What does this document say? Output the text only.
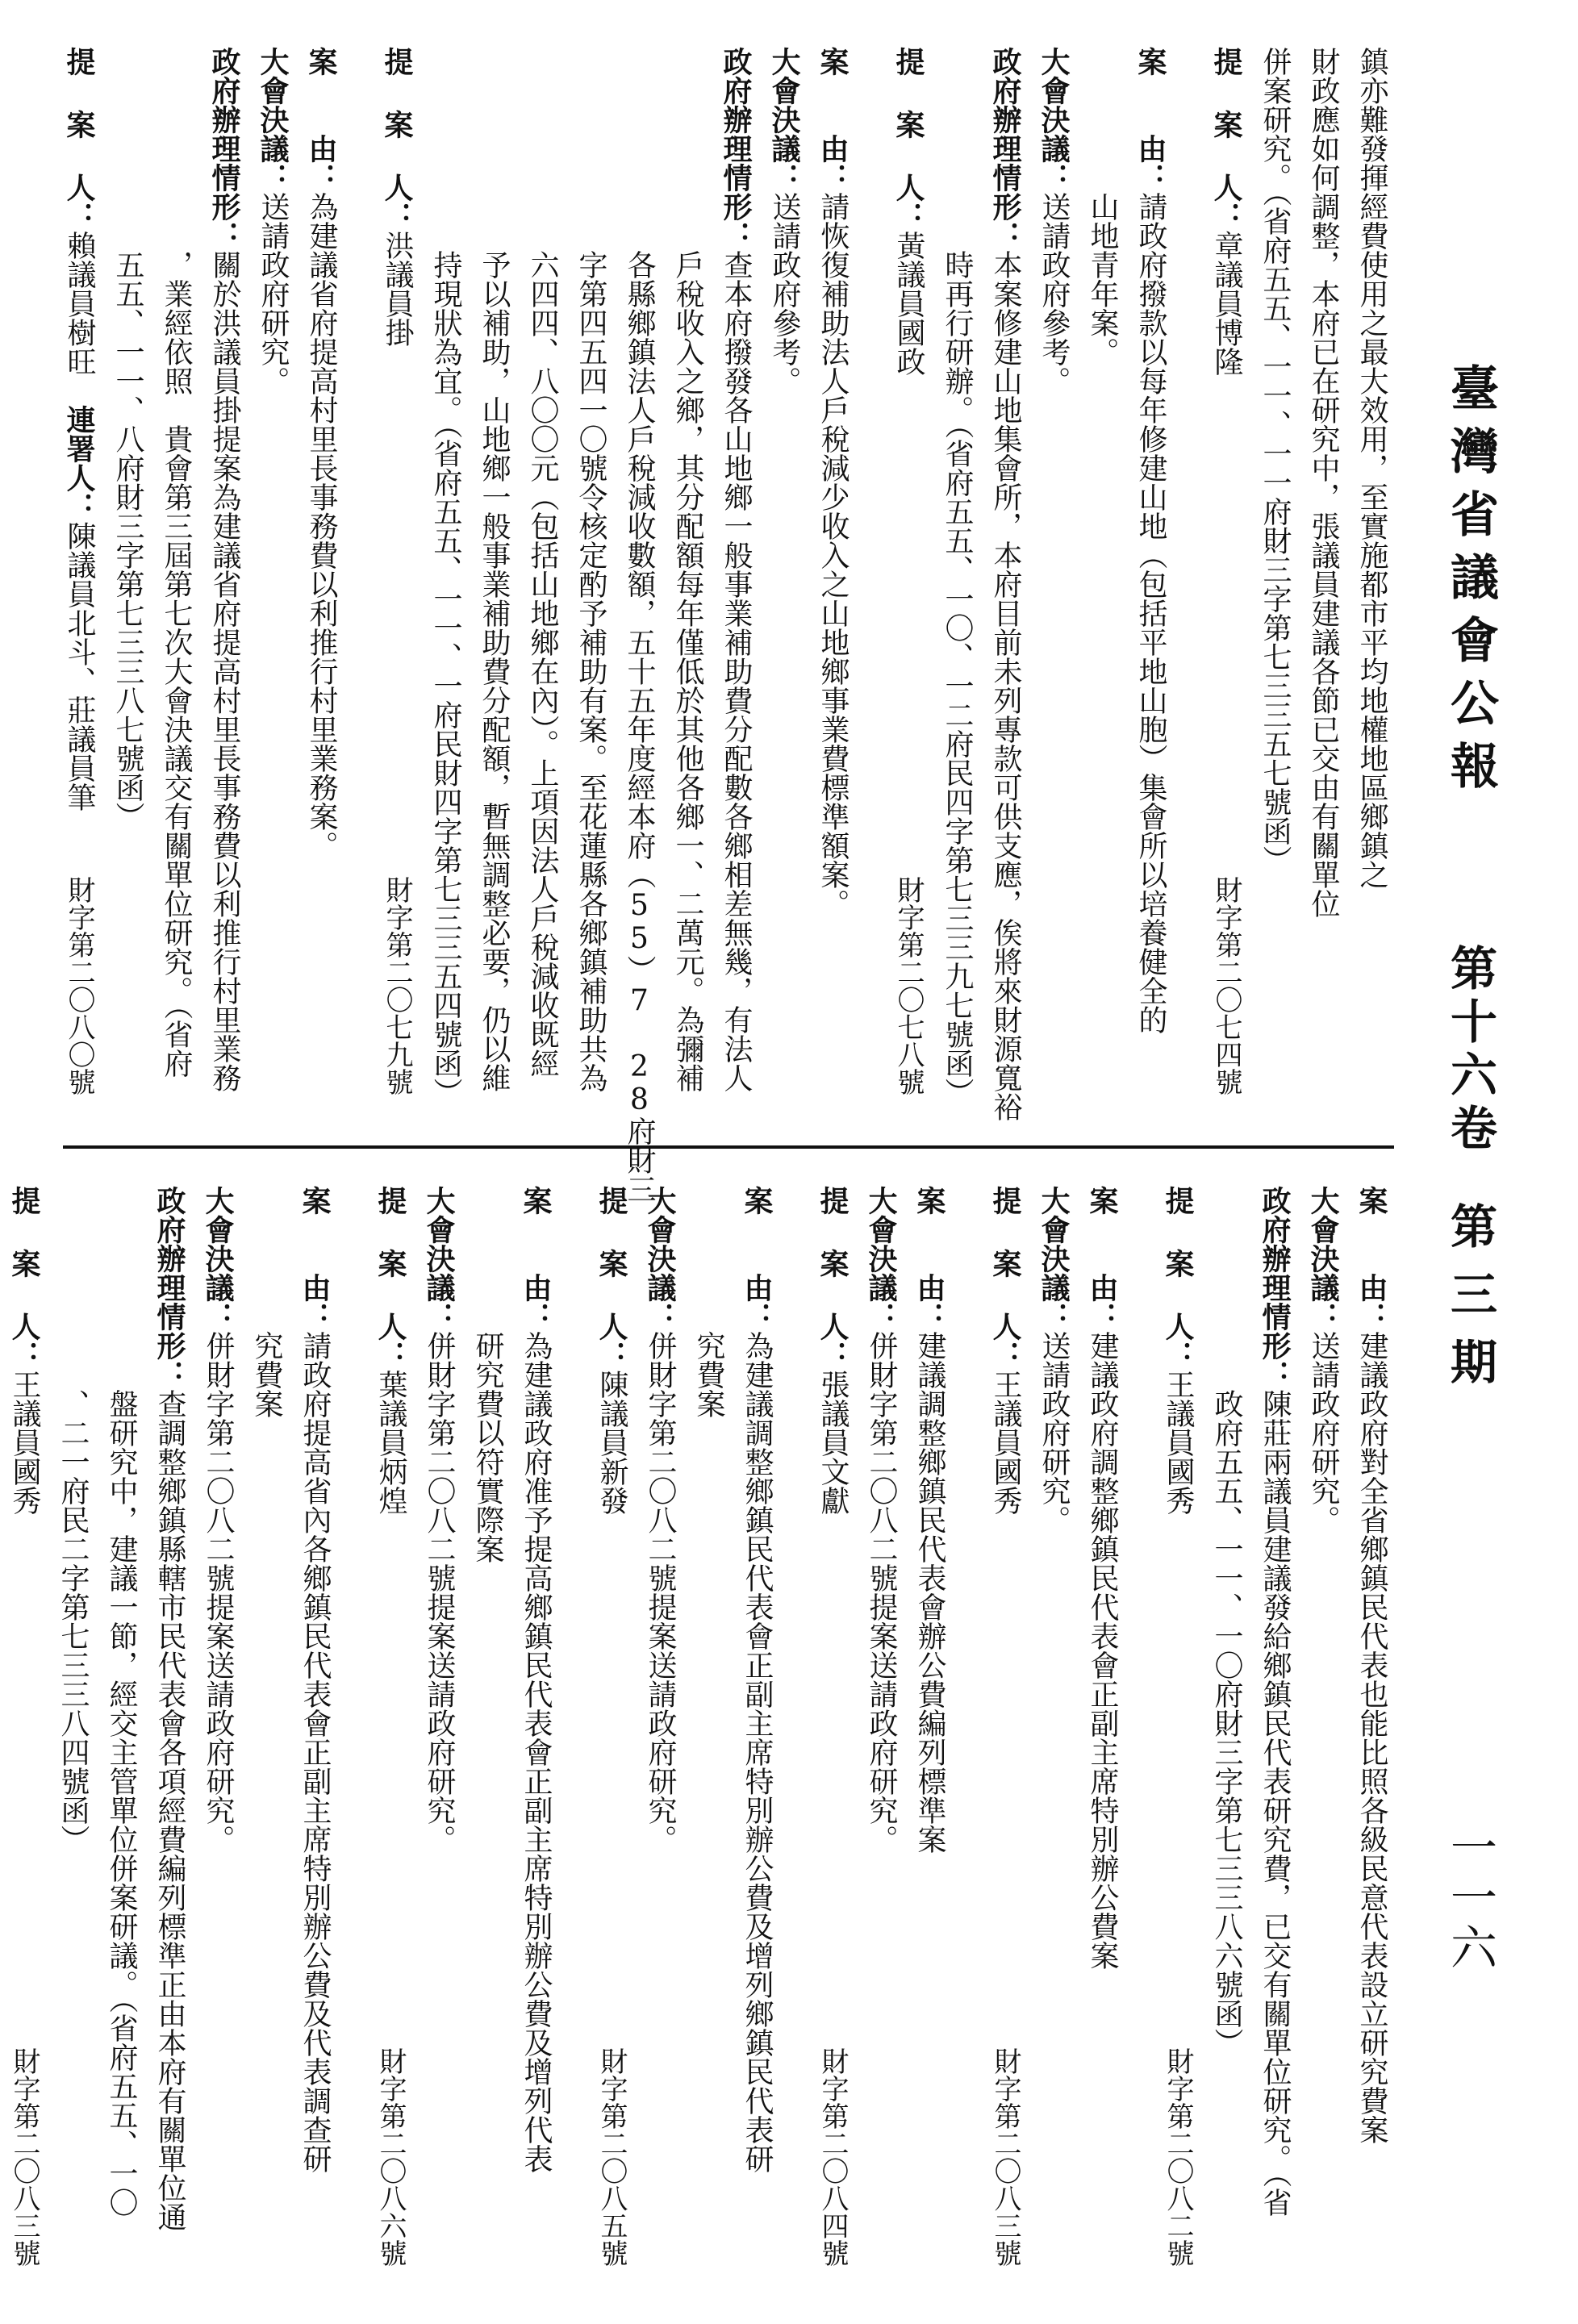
臺灣省議會公報
第十六卷
第三期
一一六
鎮亦難發揮經費使用之最大效用，至實施都市平均地權地區鄉鎮之
財政應如何調整，本府已在研究中，張議員建議各節已交由有關單位
併案研究。（省府五五、一一、一一府財三字第七三三五七號函）
提 案 人：章議員博隆
財字第二〇七四號
案　　由：請政府撥款以每年修建山地（包括平地山胞）集會所以培養健全的
　　　　　山地青年案。
大會決議：送請政府參考。
政府辦理情形：本案修建山地集會所，本府目前未列專款可供支應，俟將來財源寬裕
　　　　　　　時再行研辦。（省府五五、一〇、一二府民四字第七三三九七號函）
提 案 人：黃議員國政
財字第二〇七八號
案　　由：請恢復補助法人戶稅減少收入之山地鄉事業費標準額案。
大會決議：送請政府參考。
政府辦理情形：查本府撥發各山地鄉一般事業補助費分配數各鄉相差無幾，有法人
　　　　　　　戶稅收入之鄉，其分配額每年僅低於其他各鄉一、二萬元。為彌補
　　　　　　　各縣鄉鎮法人戶稅減收數額，五十五年度經本府（55）7 28府財三
　　　　　　　字第四五四一〇號令核定酌予補助有案。至花蓮縣各鄉鎮補助共為
　　　　　　　六四四、八〇〇元（包括山地鄉在內）。上項因法人戶稅減收既經
　　　　　　　予以補助，山地鄉一般事業補助費分配額，暫無調整必要，仍以維
　　　　　　　持現狀為宜。（省府五五、一一、一府民財四字第七三三五四號函）
提 案 人：洪議員掛
財字第二〇七九號
案　　由：為建議省府提高村里長事務費以利推行村里業務案。
大會決議：送請政府研究。
政府辦理情形：關於洪議員掛提案為建議省府提高村里長事務費以利推行村里業務
　　　　　　　，業經依照　貴會第三屆第七次大會決議交有關單位研究。（省府
　　　　　　　五五、一一、八府財三字第七三三八七號函）
提 案 人：賴議員樹旺　連署人：陳議員北斗、莊議員筆
財字第二〇八〇號
案　　由：建議政府對全省鄉鎮民代表也能比照各級民意代表設立研究費案
大會決議：送請政府研究。
政府辦理情形：陳莊兩議員建議發給鄉鎮民代表研究費，已交有關單位研究。（省
　　　　　　　政府五五、一一、一〇府財三字第七三三八六號函）
提 案 人：王議員國秀
財字第二〇八二號
案　　由：建議政府調整鄉鎮民代表會正副主席特別辦公費案
大會決議：送請政府研究。
提 案 人：王議員國秀
財字第二〇八三號
案　　由：建議調整鄉鎮民代表會辦公費編列標準案
大會決議：併財字第二〇八二號提案送請政府研究。
提 案 人：張議員文獻
財字第二〇八四號
案　　由：為建議調整鄉鎮民代表會正副主席特別辦公費及增列鄉鎮民代表研
　　　　　究費案
大會決議：併財字第二〇八二號提案送請政府研究。
提 案 人：陳議員新發
財字第二〇八五號
案　　由：為建議政府准予提高鄉鎮民代表會正副主席特別辦公費及增列代表
　　　　　研究費以符實際案
大會決議：併財字第二〇八二號提案送請政府研究。
提 案 人：葉議員炳煌
財字第二〇八六號
案　　由：請政府提高省內各鄉鎮民代表會正副主席特別辦公費及代表調查研
　　　　　究費案
大會決議：併財字第二〇八二號提案送請政府研究。
政府辦理情形：查調整鄉鎮縣轄市民代表會各項經費編列標準正由本府有關單位通
　　　　　　　盤研究中，建議一節，經交主管單位併案研議。（省府五五、一〇
　　　　　　　、二一府民二字第七三三八四號函）
提 案 人：王議員國秀
財字第二〇八三號
